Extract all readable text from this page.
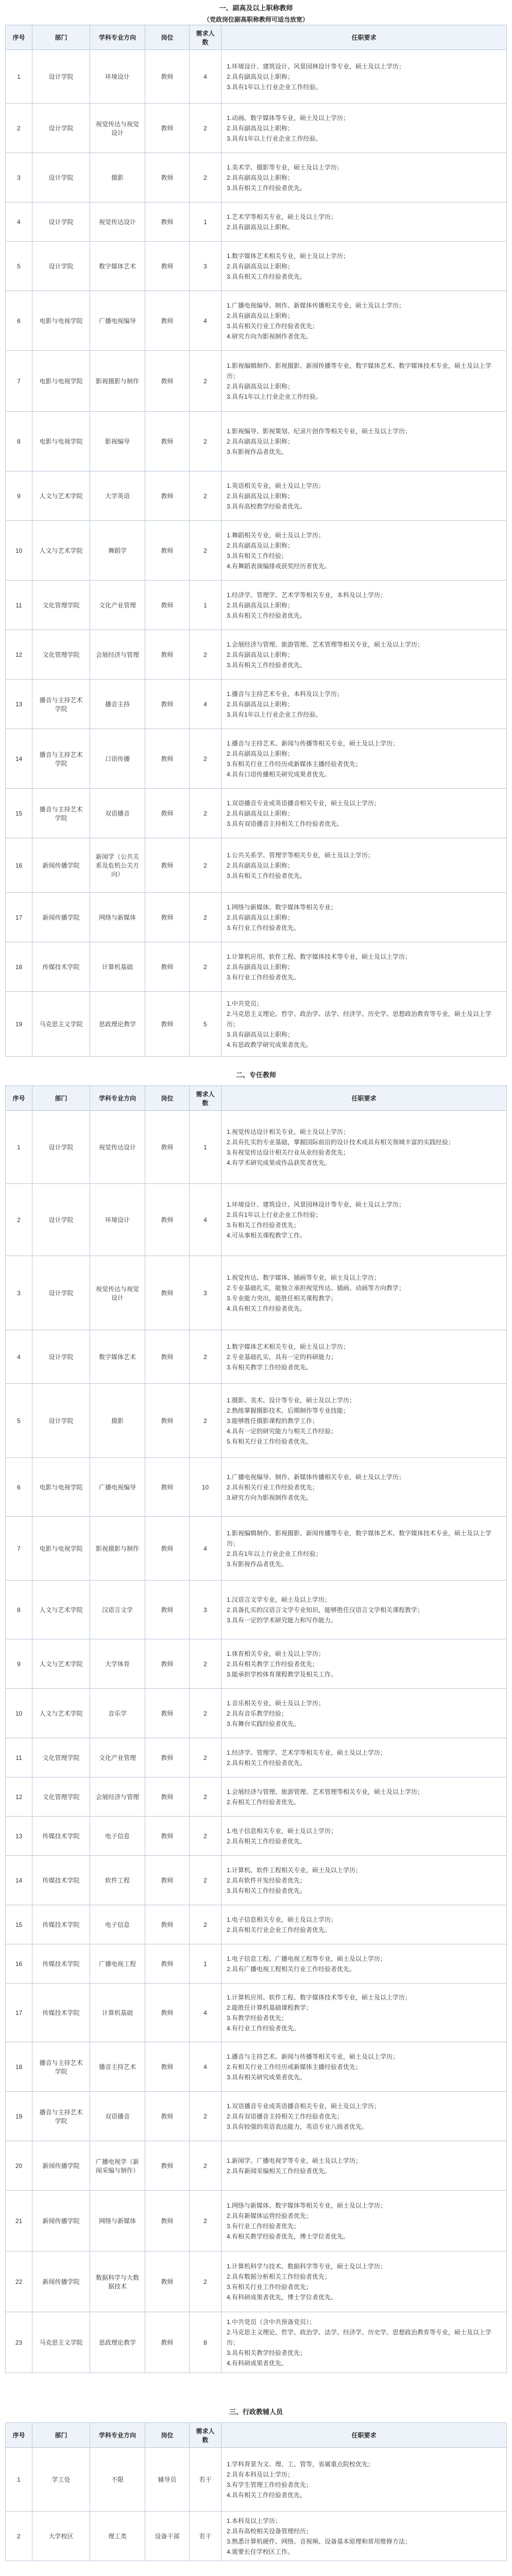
一、副高及以上职称教师
（党政岗位副高职称教师可适当放宽）
序号	部门	学科专业方向	岗位	需求人数	任职要求
1	设计学院	环境设计	教师	4	1.环境设计、建筑设计、风景园林设计等专业，硕士及以上学历；
2.具有副高及以上职称；
3.具有1年以上行业企业工作经验。

2	设计学院	视觉传达与视觉设计	教师	2	1.动画、数字媒体等专业，硕士及以上学历；
2.具有副高及以上职称；
3.具有1年以上行业企业工作经验。

3	设计学院	摄影	教师	2	1.美术学、摄影等专业，硕士及以上学历；
2.具有副高及以上职称；
3.具有相关工作经验者优先。

4	设计学院	视觉传达设计	教师	1	1.艺术学等相关专业，硕士及以上学历；
2.具有副高及以上职称。

5	设计学院	数字媒体艺术	教师	3	1.数字媒体艺术相关专业，硕士及以上学历；
2.具有副高及以上职称；
3.具有相关工作经验者优先。

6	电影与电视学院	广播电视编导	教师	4	1.广播电视编导、制作、新媒体传播相关专业，硕士及以上学历；
2.具有副高及以上职称；
3.具有相关行业工作经验者优先；
4.研究方向为影视制作者优先。

7	电影与电视学院	影视摄影与制作	教师	2	1.影视编辑制作、影视摄影、新闻传播等专业，数字媒体艺术、数字媒体技术专业，硕士及以上学历；
2.具有副高及以上职称；
3.具有1年以上行业企业工作经验。

8	电影与电视学院	影视编导	教师	2	1.影视编导、影视策划、纪录片创作等相关专业，硕士及以上学历；
2.具有副高及以上职称；
3.有影视作品者优先。

9	人文与艺术学院	大学英语	教师	2	1.英语相关专业，硕士及以上学历；
2.具有副高及以上职称；
3.具有高校教学经验者优先。

10	人文与艺术学院	舞蹈学	教师	2	1.舞蹈相关专业，硕士及以上学历；
2.具有副高及以上职称；
3.具有相关工作经验；
4.有舞蹈表演编排或获奖经历者优先。

11	文化管理学院	文化产业管理	教师	1	1.经济学、管理学、艺术学等相关专业，本科及以上学历；
2.具有副高及以上职称；
3.具有相关工作经验者优先。

12	文化管理学院	会展经济与管理	教师	2	1.会展经济与管理、旅游管理、艺术管理等相关专业，硕士及以上学历；
2.具有副高及以上职称；
3.具有相关工作经验者优先。

13	播音与主持艺术学院	播音主持	教师	4	1.播音与主持艺术专业，本科及以上学历；
2.具有副高及以上职称；
3.具有1年以上行业企业工作经验。

14	播音与主持艺术学院	口语传播	教师	2	1.播音与主持艺术、新闻与传播等相关专业，硕士及以上学历；
2.具有副高及以上职称；
3.有相关行业工作经历或新媒体主播经验者优先；
4.具有口语传播相关研究成果者优先。

15	播音与主持艺术学院	双语播音	教师	2	1.双语播音专业或英语播音相关专业，硕士及以上学历；
2.具有副高及以上职称；
3.具有双语播音主持相关工作经验者优先。

16	新闻传播学院	新闻学（公共关系及危机公关方向）	教师	2	1.公共关系学、管理学等相关专业，硕士及以上学历；
2.具有副高及以上职称；
3.具有相关工作经验者优先。

17	新闻传播学院	网络与新媒体	教师	2	1.网络与新媒体、数字媒体等相关专业；
2.具有副高及以上职称；
3.有行业工作经验者优先。

18	传媒技术学院	计算机基础	教师	2	1.计算机应用、软件工程、数字媒体技术等专业，硕士及以上学历；
2.具有副高及以上职称；
3.有行业工作经验者优先。

19	马克思主义学院	思政理论教学	教师	5	1.中共党员；
2.马克思主义理论、哲学、政治学、法学、经济学、历史学、思想政治教育等专业，硕士及以上学历；
3.具有副高及以上职称；
4.有思政教学研究成果者优先。
二、专任教师
序号	部门	学科专业方向	岗位	需求人数	任职要求
1	设计学院	视觉传达设计	教师	1	1.视觉传达设计相关专业，硕士及以上学历；
2.具有扎实的专业基础，掌握国际前沿的设计技术或具有相关领域丰富的实践经验；
3.有视觉传达设计相关行业从业经验者优先；
4.有学术研究成果或作品获奖者优先。

2	设计学院	环境设计	教师	4	1.环境设计、建筑设计、风景园林设计等专业，硕士及以上学历；
2.具有1年以上行业企业工作经验；
3.有相关工作经验者优先；
4.可从事相关课程教学工作。

3	设计学院	视觉传达与视觉设计	教师	3	1.视觉传达、数字媒体、插画等专业，硕士及以上学历；
2.专业基础扎实，能独立承担视觉传达、插画、动画等方向教学；
3.专业能力突出，能胜任相关课程教学；
4.具有相关工作经验者优先。

4	设计学院	数字媒体艺术	教师	2	1.数字媒体艺术相关专业，硕士及以上学历；
2.专业基础扎实，具有一定的科研能力；
3.有相关教学工作经验者优先。

5	设计学院	摄影	教师	2	1.摄影、美术、设计等专业，硕士及以上学历；
2.熟练掌握摄影技术、后期制作等专业技能；
3.能够胜任摄影课程的教学工作；
4.具有一定的研究能力与相关工作经验；
5.有相关行业工作经验者优先。

6	电影与电视学院	广播电视编导	教师	10	1.广播电视编导、制作、新媒体传播相关专业，硕士及以上学历；
2.具有相关行业工作经验者优先；
3.研究方向为影视制作者优先。

7	电影与电视学院	影视摄影与制作	教师	4	1.影视编辑制作、影视摄影、新闻传播等专业，数字媒体艺术、数字媒体技术专业，硕士及以上学历；
2.具有1年以上行业企业工作经验；
3.有影视作品者优先。

8	人文与艺术学院	汉语言文学	教师	3	1.汉语言文学专业，硕士及以上学历；
2.具备扎实的汉语言文学专业知识，能够胜任汉语言文学相关课程教学；
3.具有一定的学术研究能力和写作能力。

9	人文与艺术学院	大学体育	教师	2	1.体育相关专业，硕士及以上学历；
2.具有相关教学工作经验者优先；
3.能承担学校体育课程教学及相关工作。

10	人文与艺术学院	音乐学	教师	2	1.音乐相关专业，硕士及以上学历；
2.具有音乐教学经验；
3.有舞台实践经验者优先。

11	文化管理学院	文化产业管理	教师	2	1.经济学、管理学、艺术学等相关专业，硕士及以上学历；
2.具有相关工作经验者优先。

12	文化管理学院	会展经济与管理	教师	2	1.会展经济与管理、旅游管理、艺术管理等相关专业，硕士及以上学历；
2.有相关工作经验者优先。

13	传媒技术学院	电子信息	教师	2	1.电子信息相关专业，硕士及以上学历；
2.具有相关工作经验者优先。

14	传媒技术学院	软件工程	教师	2	1.计算机、软件工程相关专业，硕士及以上学历；
2.具有软件开发经验者优先；
3.具有相关工作经验者优先。

15	传媒技术学院	电子信息	教师	2	1.电子信息相关专业，硕士及以上学历；
2.具有相关行业企业工作经验者优先。

16	传媒技术学院	广播电视工程	教师	1	1.电子信息工程、广播电视工程等专业，硕士及以上学历；
2.具有广播电视工程相关行业工作经验者优先。

17	传媒技术学院	计算机基础	教师	4	1.计算机应用、软件工程、数字媒体技术等专业，硕士及以上学历；
2.能胜任计算机基础课程教学；
3.有教学经验者优先；
4.有行业工作经验者优先。

18	播音与主持艺术学院	播音主持艺术	教师	4	1.播音与主持艺术、新闻与传播等相关专业，硕士及以上学历；
2.有相关行业工作经历或新媒体主播经验者优先；
3.具有相关研究成果者优先。

19	播音与主持艺术学院	双语播音	教师	2	1.双语播音专业或英语播音相关专业，硕士及以上学历；
2.具有双语播音主持相关工作经验者优先；
3.具有较强的英语表达能力，英语专业八级者优先。

20	新闻传播学院	广播电视学（新闻采编与制作）	教师	2	1.新闻学、广播电视学等专业，硕士及以上学历；
2.具有新闻采编相关工作经验者优先。

21	新闻传播学院	网络与新媒体	教师	2	1.网络与新媒体、数字媒体等相关专业，硕士及以上学历；
2.具有新媒体运营经验者优先；
3.有行业工作经验者优先；
4.有相关教学经验者优先，博士学位者优先。

22	新闻传播学院	数据科学与大数据技术	教师	2	1.计算机科学与技术、数据科学等专业，硕士及以上学历；
2.具有数据分析相关工作经验者优先；
3.有相关行业工作经验者优先；
4.有科研成果者优先，博士学位者优先。

23	马克思主义学院	思政理论教学	教师	8	1.中共党员（含中共预备党员）；
2.马克思主义理论、哲学、政治学、法学、经济学、历史学、思想政治教育等专业，硕士及以上学历；
3.具有相关教学经验者优先；
4.有科研成果者优先。
三、行政教辅人员
序号	部门	学科专业方向	岗位	需求人数	任职要求
1	学工处	不限	辅导员	若干	1.学科背景为文、理、工、管等，省属重点院校优先；
2.具有本科及以上学历；
3.有学生管理工作经验者优先；
4.具有相关工作经验者优先。

2	大学校区	理工类	设备干部	若干	1.本科及以上学历；
2.具有高校相关设备管理经历；
3.熟悉计算机硬件、网络、音视频、设备基本原理和常用维修方法；
4.需要长住学校区工作。
